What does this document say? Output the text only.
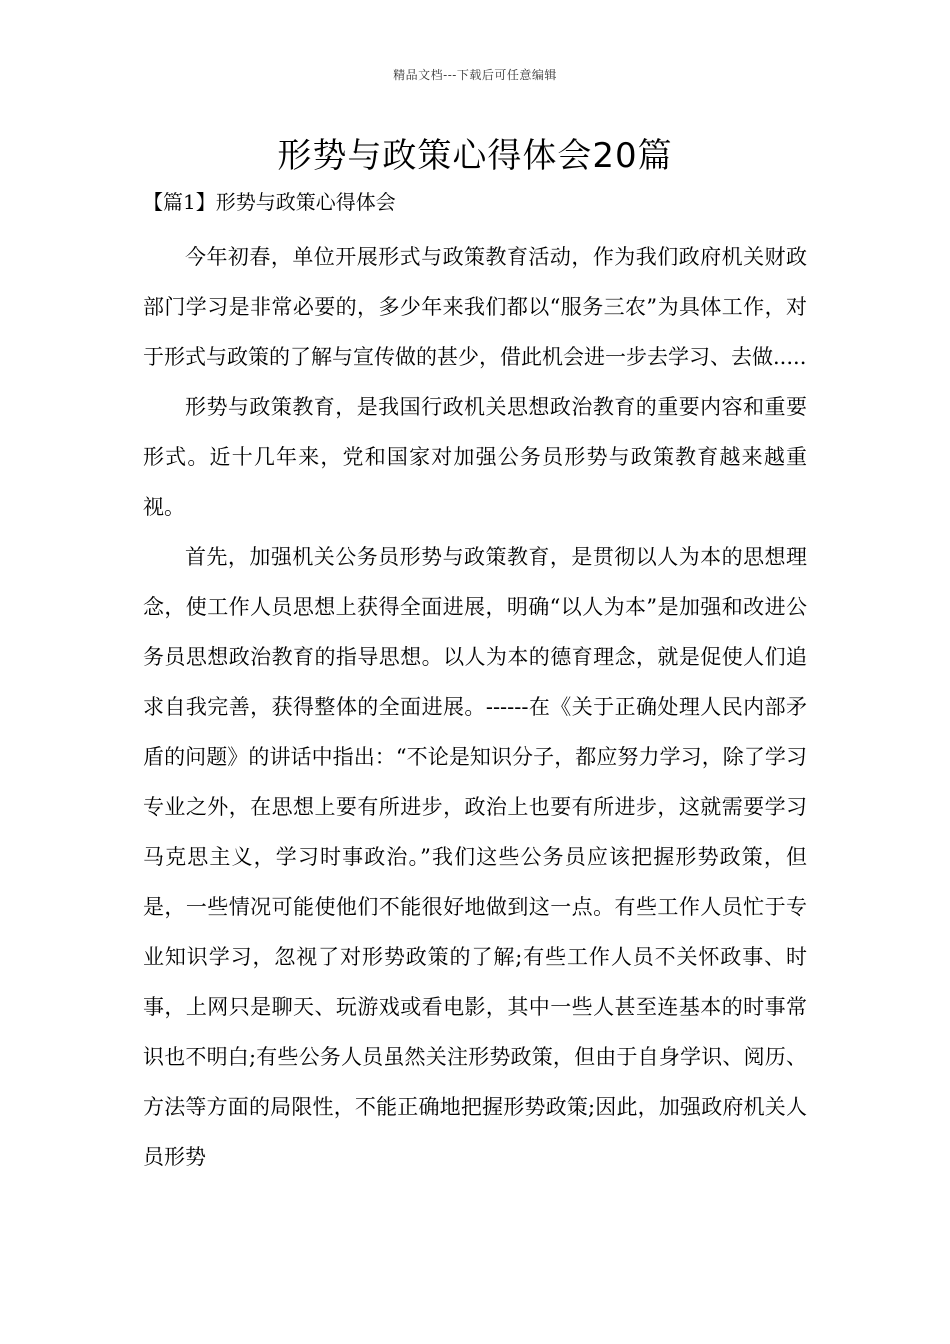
精品文档---下载后可任意编辑
形势与政策心得体会20篇
【篇1】形势与政策心得体会

今年初春，单位开展形式与政策教育活动，作为我们政府机关财政部门学习是非常必要的，多少年来我们都以“服务三农”为具体工作，对于形式与政策的了解与宣传做的甚少，借此机会进一步去学习、去做.....

形势与政策教育，是我国行政机关思想政治教育的重要内容和重要形式。近十几年来，党和国家对加强公务员形势与政策教育越来越重视。

首先，加强机关公务员形势与政策教育，是贯彻以人为本的思想理念，使工作人员思想上获得全面进展，明确“以人为本”是加强和改进公务员思想政治教育的指导思想。以人为本的德育理念，就是促使人们追求自我完善，获得整体的全面进展。------在《关于正确处理人民内部矛盾的问题》的讲话中指出：“不论是知识分子，都应努力学习，除了学习专业之外，在思想上要有所进步，政治上也要有所进步，这就需要学习马克思主义，学习时事政治。”我们这些公务员应该把握形势政策，但是，一些情况可能使他们不能很好地做到这一点。有些工作人员忙于专业知识学习，忽视了对形势政策的了解;有些工作人员不关怀政事、时事，上网只是聊天、玩游戏或看电影，其中一些人甚至连基本的时事常识也不明白;有些公务人员虽然关注形势政策，但由于自身学识、阅历、方法等方面的局限性，不能正确地把握形势政策;因此，加强政府机关人员形势
